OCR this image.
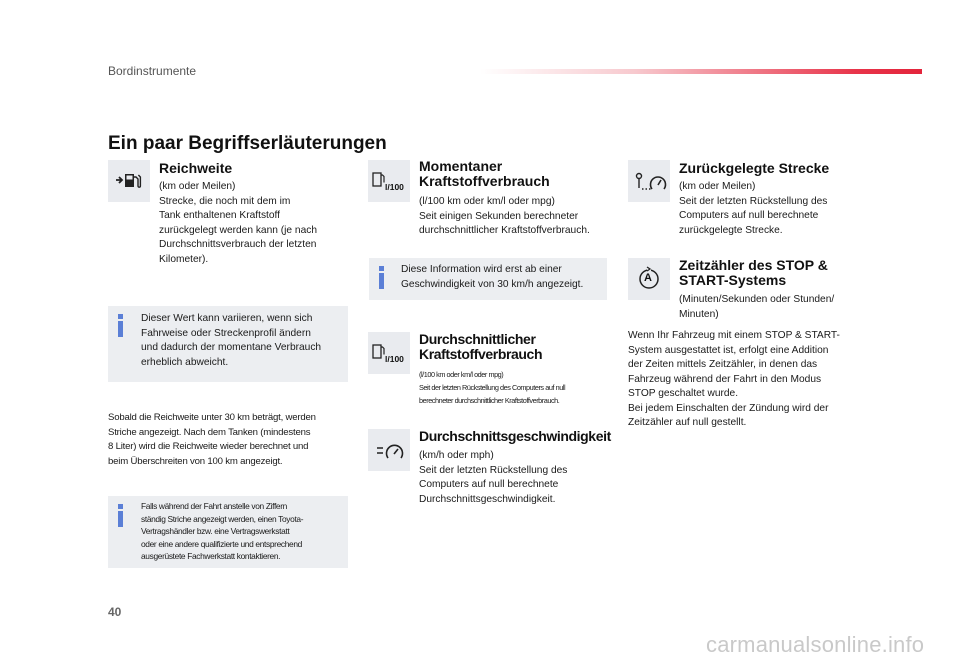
Bordinstrumente
Ein paar Begriffserläuterungen
Reichweite
(km oder Meilen)
Strecke, die noch mit dem im
Tank enthaltenen Kraftstoff
zurückgelegt werden kann (je nach
Durchschnittsverbrauch der letzten
Kilometer).
Dieser Wert kann variieren, wenn sich
Fahrweise oder Streckenprofil ändern
und dadurch der momentane Verbrauch
erheblich abweicht.
Sobald die Reichweite unter 30 km beträgt, werden
Striche angezeigt. Nach dem Tanken (mindestens
8 Liter) wird die Reichweite wieder berechnet und
beim Überschreiten von 100 km angezeigt.
Falls während der Fahrt anstelle von Ziffern
ständig Striche angezeigt werden, einen Toyota-
Vertragshändler bzw. eine Vertragswerkstatt
oder eine andere qualifizierte und entsprechend
ausgerüstete Fachwerkstatt kontaktieren.
l/100
Momentaner
Kraftstoffverbrauch
(l/100 km oder km/l oder mpg)
Seit einigen Sekunden berechneter
durchschnittlicher Kraftstoffverbrauch.
Diese Information wird erst ab einer
Geschwindigkeit von 30 km/h angezeigt.
l/100
Durchschnittlicher
Kraftstoffverbrauch
(l/100 km oder km/l oder mpg)
Seit der letzten Rückstellung des Computers auf null
berechneter durchschnittlicher Kraftstoffverbrauch.
Durchschnittsgeschwindigkeit
(km/h oder mph)
Seit der letzten Rückstellung des
Computers auf null berechnete
Durchschnittsgeschwindigkeit.
Zurückgelegte Strecke
(km oder Meilen)
Seit der letzten Rückstellung des
Computers auf null berechnete
zurückgelegte Strecke.
A
Zeitzähler des STOP &
START-Systems
(Minuten/Sekunden oder Stunden/
Minuten)
Wenn Ihr Fahrzeug mit einem STOP & START-
System ausgestattet ist, erfolgt eine Addition
der Zeiten mittels Zeitzähler, in denen das
Fahrzeug während der Fahrt in den Modus
STOP geschaltet wurde.
Bei jedem Einschalten der Zündung wird der
Zeitzähler auf null gestellt.
40
carmanualsonline.info
